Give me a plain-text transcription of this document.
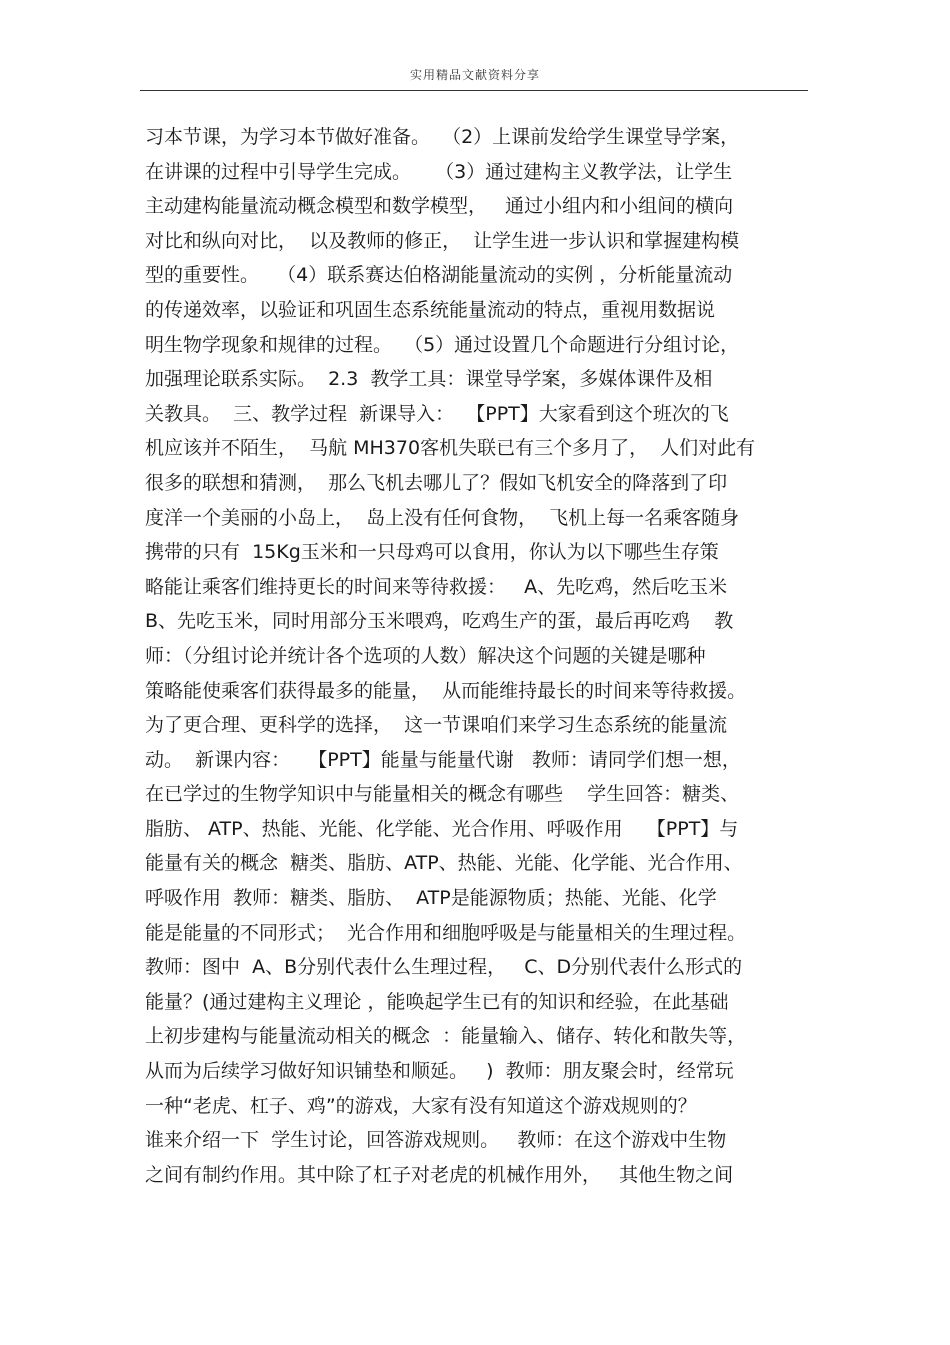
实用精品文献资料分享
习本节课，为学习本节做好准备。  （2）上课前发给学生课堂导学案，
在讲课的过程中引导学生完成。    （3）通过建构主义教学法，让学生
主动建构能量流动概念模型和数学模型，   通过小组内和小组间的横向
对比和纵向对比，  以及教师的修正，  让学生进一步认识和掌握建构模
型的重要性。   （4）联系赛达伯格湖能量流动的实例 ，分析能量流动
的传递效率，以验证和巩固生态系统能量流动的特点，重视用数据说
明生物学现象和规律的过程。  （5）通过设置几个命题进行分组讨论，
加强理论联系实际。  2.3  教学工具：课堂导学案，多媒体课件及相
关教具。  三、教学过程  新课导入：  【PPT】大家看到这个班次的飞
机应该并不陌生，  马航 MH370客机失联已有三个多月了，  人们对此有
很多的联想和猜测，  那么飞机去哪儿了？假如飞机安全的降落到了印
度洋一个美丽的小岛上，  岛上没有任何食物，  飞机上每一名乘客随身
携带的只有  15Kg玉米和一只母鸡可以食用，你认为以下哪些生存策
略能让乘客们维持更长的时间来等待救援：   A、先吃鸡，然后吃玉米
B、先吃玉米，同时用部分玉米喂鸡，吃鸡生产的蛋，最后再吃鸡    教
师：（分组讨论并统计各个选项的人数）解决这个问题的关键是哪种
策略能使乘客们获得最多的能量，  从而能维持最长的时间来等待救援。
为了更合理、更科学的选择，  这一节课咱们来学习生态系统的能量流
动。  新课内容：   【PPT】能量与能量代谢   教师：请同学们想一想，
在已学过的生物学知识中与能量相关的概念有哪些    学生回答：糖类、
脂肪、 ATP、热能、光能、化学能、光合作用、呼吸作用    【PPT】与
能量有关的概念  糖类、脂肪、ATP、热能、光能、化学能、光合作用、
呼吸作用  教师：糖类、脂肪、  ATP是能源物质；热能、光能、化学
能是能量的不同形式；  光合作用和细胞呼吸是与能量相关的生理过程。
教师：图中  A、B分别代表什么生理过程，   C、D分别代表什么形式的
能量？(通过建构主义理论 ，能唤起学生已有的知识和经验，在此基础
上初步建构与能量流动相关的概念  ：能量输入、储存、转化和散失等，
从而为后续学习做好知识铺垫和顺延。   )  教师：朋友聚会时，经常玩
一种“老虎、杠子、鸡”的游戏，大家有没有知道这个游戏规则的？
谁来介绍一下  学生讨论，回答游戏规则。   教师：在这个游戏中生物
之间有制约作用。其中除了杠子对老虎的机械作用外，   其他生物之间
